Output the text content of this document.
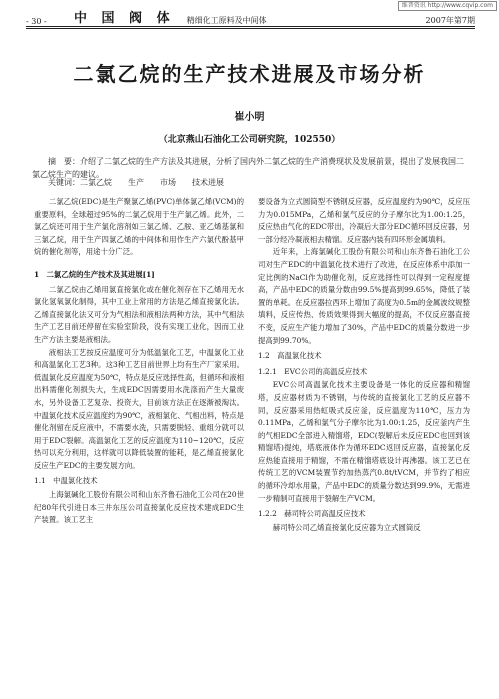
维普资讯 http://www.cqvip.com
- 30 -	中 国 阀 体 精细化工原料及中间体	2007年第7期
二氯乙烷的生产技术进展及市场分析
崔小明
（北京燕山石油化工公司研究院，102550）
摘　要：介绍了二氯乙烷的生产方法及其进展，分析了国内外二氯乙烷的生产消费现状及发展前景，提出了发展我国二氯乙烷生产的建议。
关键词：二氯乙烷 生产 市场 技术进展

二氯乙烷(EDC)是生产聚氯乙烯(PVC)单体氯乙烯(VCM)的重要原料，全球超过95%的二氯乙烷用于生产氯乙烯。此外，二氯乙烷还可用于生产氯化溶剂如三氯乙烯、乙胺、亚乙烯基氯和三氯乙烷，用于生产四氯乙烯的中间体和用作生产六氯代酚基甲烷的催化剂等，用途十分广泛。

1　二氯乙烷的生产技术及其进展[1]

二氯乙烷由乙烯用氯直接氯化或在催化剂存在下乙烯用无水氯化氢氧氯化制得，其中工业上常用的方法是乙烯直接氯化法。乙烯直接氯化法又可分为气相法和液相法两种方法，其中气相法生产工艺目前还停留在实验室阶段，没有实现工业化，因而工业生产方法主要是液相法。

液相法工艺按反应温度可分为低温氯化工艺，中温氯化工业和高温氯化工艺3种。这3种工艺目前世界上均有生产厂家采用。低温氯化反应温度为50℃，特点是反应选择性高，但循环和液相出料需催化剂损失大，生成EDC因需要用水洗涤而产生大量废水，另外设备工艺复杂、投资大，目前该方法正在逐渐被淘汰。中温氯化技术反应温度约为90℃，液相氯化、气相出料，特点是催化剂留在反应液中，不需要水洗，只需要脱轻、重组分就可以用于EDC裂解。高温氯化工艺的反应温度为110~120℃，反应热可以充分利用，这样就可以降低装置的能耗，是乙烯直接氯化反应生产EDC的主要发展方向。

1.1　中温氯化技术

上海氯碱化工股份有限公司和山东齐鲁石油化工公司在20世纪80年代引进日本三井东压公司直接氯化反应技术建成EDC生产装置。该工艺主

要设备为立式圆筒型不锈钢反应器，反应温度约为90℃，反应压力为0.015MPa，乙烯和氯气反应的分子摩尔比为1.00:1.25，反应热由气化的EDC带出，冷凝后大部分EDC循环回反应器，另一部分经冷凝液相去精馏。反应器内装有四环形金属填料。

近年来，上海氯碱化工股份有限公司和山东齐鲁石油化工公司对生产EDC的中温氯化技术进行了改进，在反应体系中添加一定比例的NaCl作为助催化剂，反应选择性可以得到一定程度提高，产品中EDC的质量分数由99.5%提高到99.65%，降低了装置的单耗。在反应器拉西环上增加了高度为0.5m的金属波纹规整填料，反应传热、传质效果得到大幅度的提高，不仅反应器直接不变，反应生产能力增加了30%，产品中EDC的质量分数进一步提高到99.70%。

1.2　高温氯化技术

1.2.1　EVC公司的高温反应技术

EVC公司高温氯化技术主要设备是一体化的反应器和精馏塔，反应器材质为不锈钢，与传统的直接氯化工艺的反应器不同，反应器采用热虹吸式反应釜，反应温度为110℃，压力为0.11MPa，乙烯和氯气分子摩尔比为1.00:1.25，反应釜内产生的气相EDC全部进入精馏塔，EDC(裂解后未反应EDC也回到该精馏塔)提纯，塔底液体作为循环EDC返回反应器，直接氯化反应热能直接用于精馏，不需在精馏塔底设计再沸器。该工艺已在传统工艺的VCM装置节约加热蒸汽0.8t/tVCM，并节约了相应的循环冷却水用量，产品中EDC的质量分数达到99.9%，无需进一步精制可直接用于裂解生产VCM。

1.2.2　赫司特公司高温反应技术

赫司特公司乙烯直接氯化反应器为立式圆筒反
